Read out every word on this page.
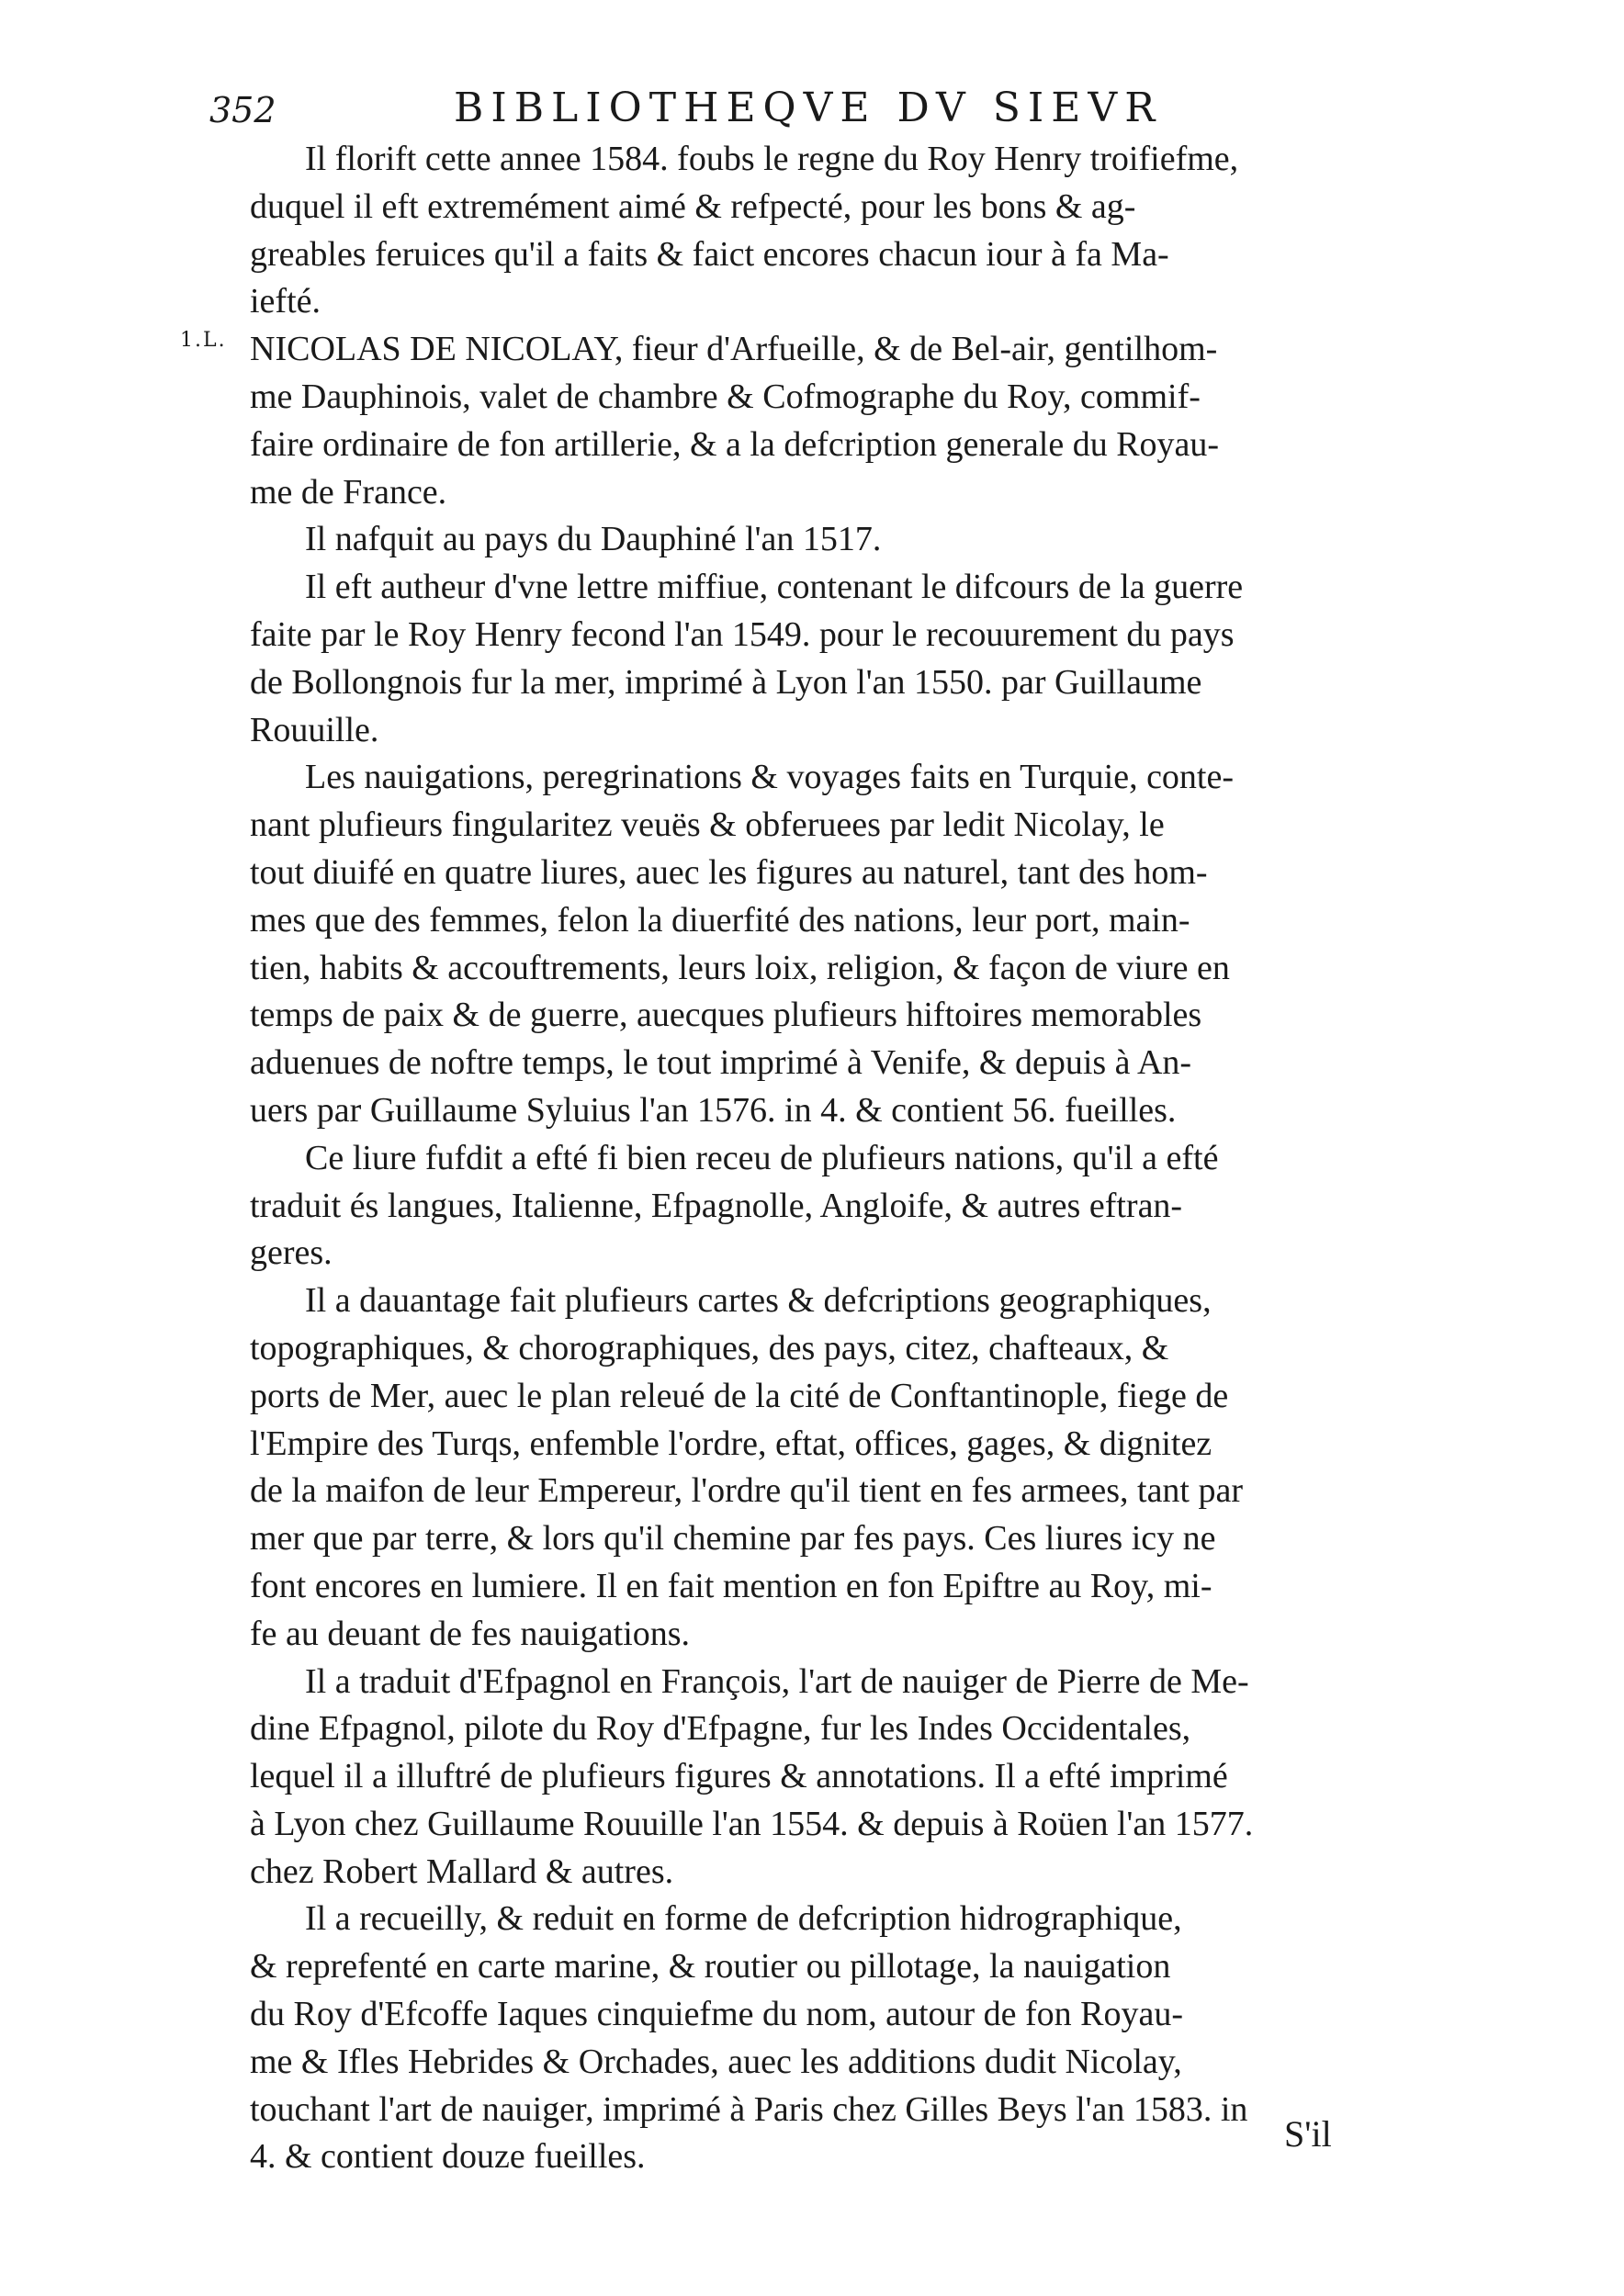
352	BIBLIOTHEQVE DV SIEVR
1.L.
Il florift cette annee 1584. foubs le regne du Roy Henry troifiefme,
duquel il eft extremément aimé & refpecté, pour les bons & ag-
greables feruices qu'il a faits & faict encores chacun iour à fa Ma-
iefté.
NICOLAS DE NICOLAY, fieur d'Arfueille, & de Bel-air, gentilhom-
me Dauphinois, valet de chambre & Cofmographe du Roy, commif-
faire ordinaire de fon artillerie, & a la defcription generale du Royau-
me de France.
Il nafquit au pays du Dauphiné l'an 1517.
Il eft autheur d'vne lettre miffiue, contenant le difcours de la guerre
faite par le Roy Henry fecond l'an 1549. pour le recouurement du pays
de Bollongnois fur la mer, imprimé à Lyon l'an 1550. par Guillaume
Rouuille.
Les nauigations, peregrinations & voyages faits en Turquie, conte-
nant plufieurs fingularitez veuës & obferuees par ledit Nicolay, le
tout diuifé en quatre liures, auec les figures au naturel, tant des hom-
mes que des femmes, felon la diuerfité des nations, leur port, main-
tien, habits & accouftrements, leurs loix, religion, & façon de viure en
temps de paix & de guerre, auecques plufieurs hiftoires memorables
aduenues de noftre temps, le tout imprimé à Venife, & depuis à An-
uers par Guillaume Syluius l'an 1576. in 4. & contient 56. fueilles.
Ce liure fufdit a efté fi bien receu de plufieurs nations, qu'il a efté
traduit és langues, Italienne, Efpagnolle, Angloife, & autres eftran-
geres.
Il a dauantage fait plufieurs cartes & defcriptions geographiques,
topographiques, & chorographiques, des pays, citez, chafteaux, &
ports de Mer, auec le plan releué de la cité de Conftantinople, fiege de
l'Empire des Turqs, enfemble l'ordre, eftat, offices, gages, & dignitez
de la maifon de leur Empereur, l'ordre qu'il tient en fes armees, tant par
mer que par terre, & lors qu'il chemine par fes pays. Ces liures icy ne
font encores en lumiere. Il en fait mention en fon Epiftre au Roy, mi-
fe au deuant de fes nauigations.
Il a traduit d'Efpagnol en François, l'art de nauiger de Pierre de Me-
dine Efpagnol, pilote du Roy d'Efpagne, fur les Indes Occidentales,
lequel il a illuftré de plufieurs figures & annotations. Il a efté imprimé
à Lyon chez Guillaume Rouuille l'an 1554. & depuis à Roüen l'an 1577.
chez Robert Mallard & autres.
Il a recueilly, & reduit en forme de defcription hidrographique,
& reprefenté en carte marine, & routier ou pillotage, la nauigation
du Roy d'Efcoffe Iaques cinquiefme du nom, autour de fon Royau-
me & Ifles Hebrides & Orchades, auec les additions dudit Nicolay,
touchant l'art de nauiger, imprimé à Paris chez Gilles Beys l'an 1583. in
4. & contient douze fueilles.
S'il
